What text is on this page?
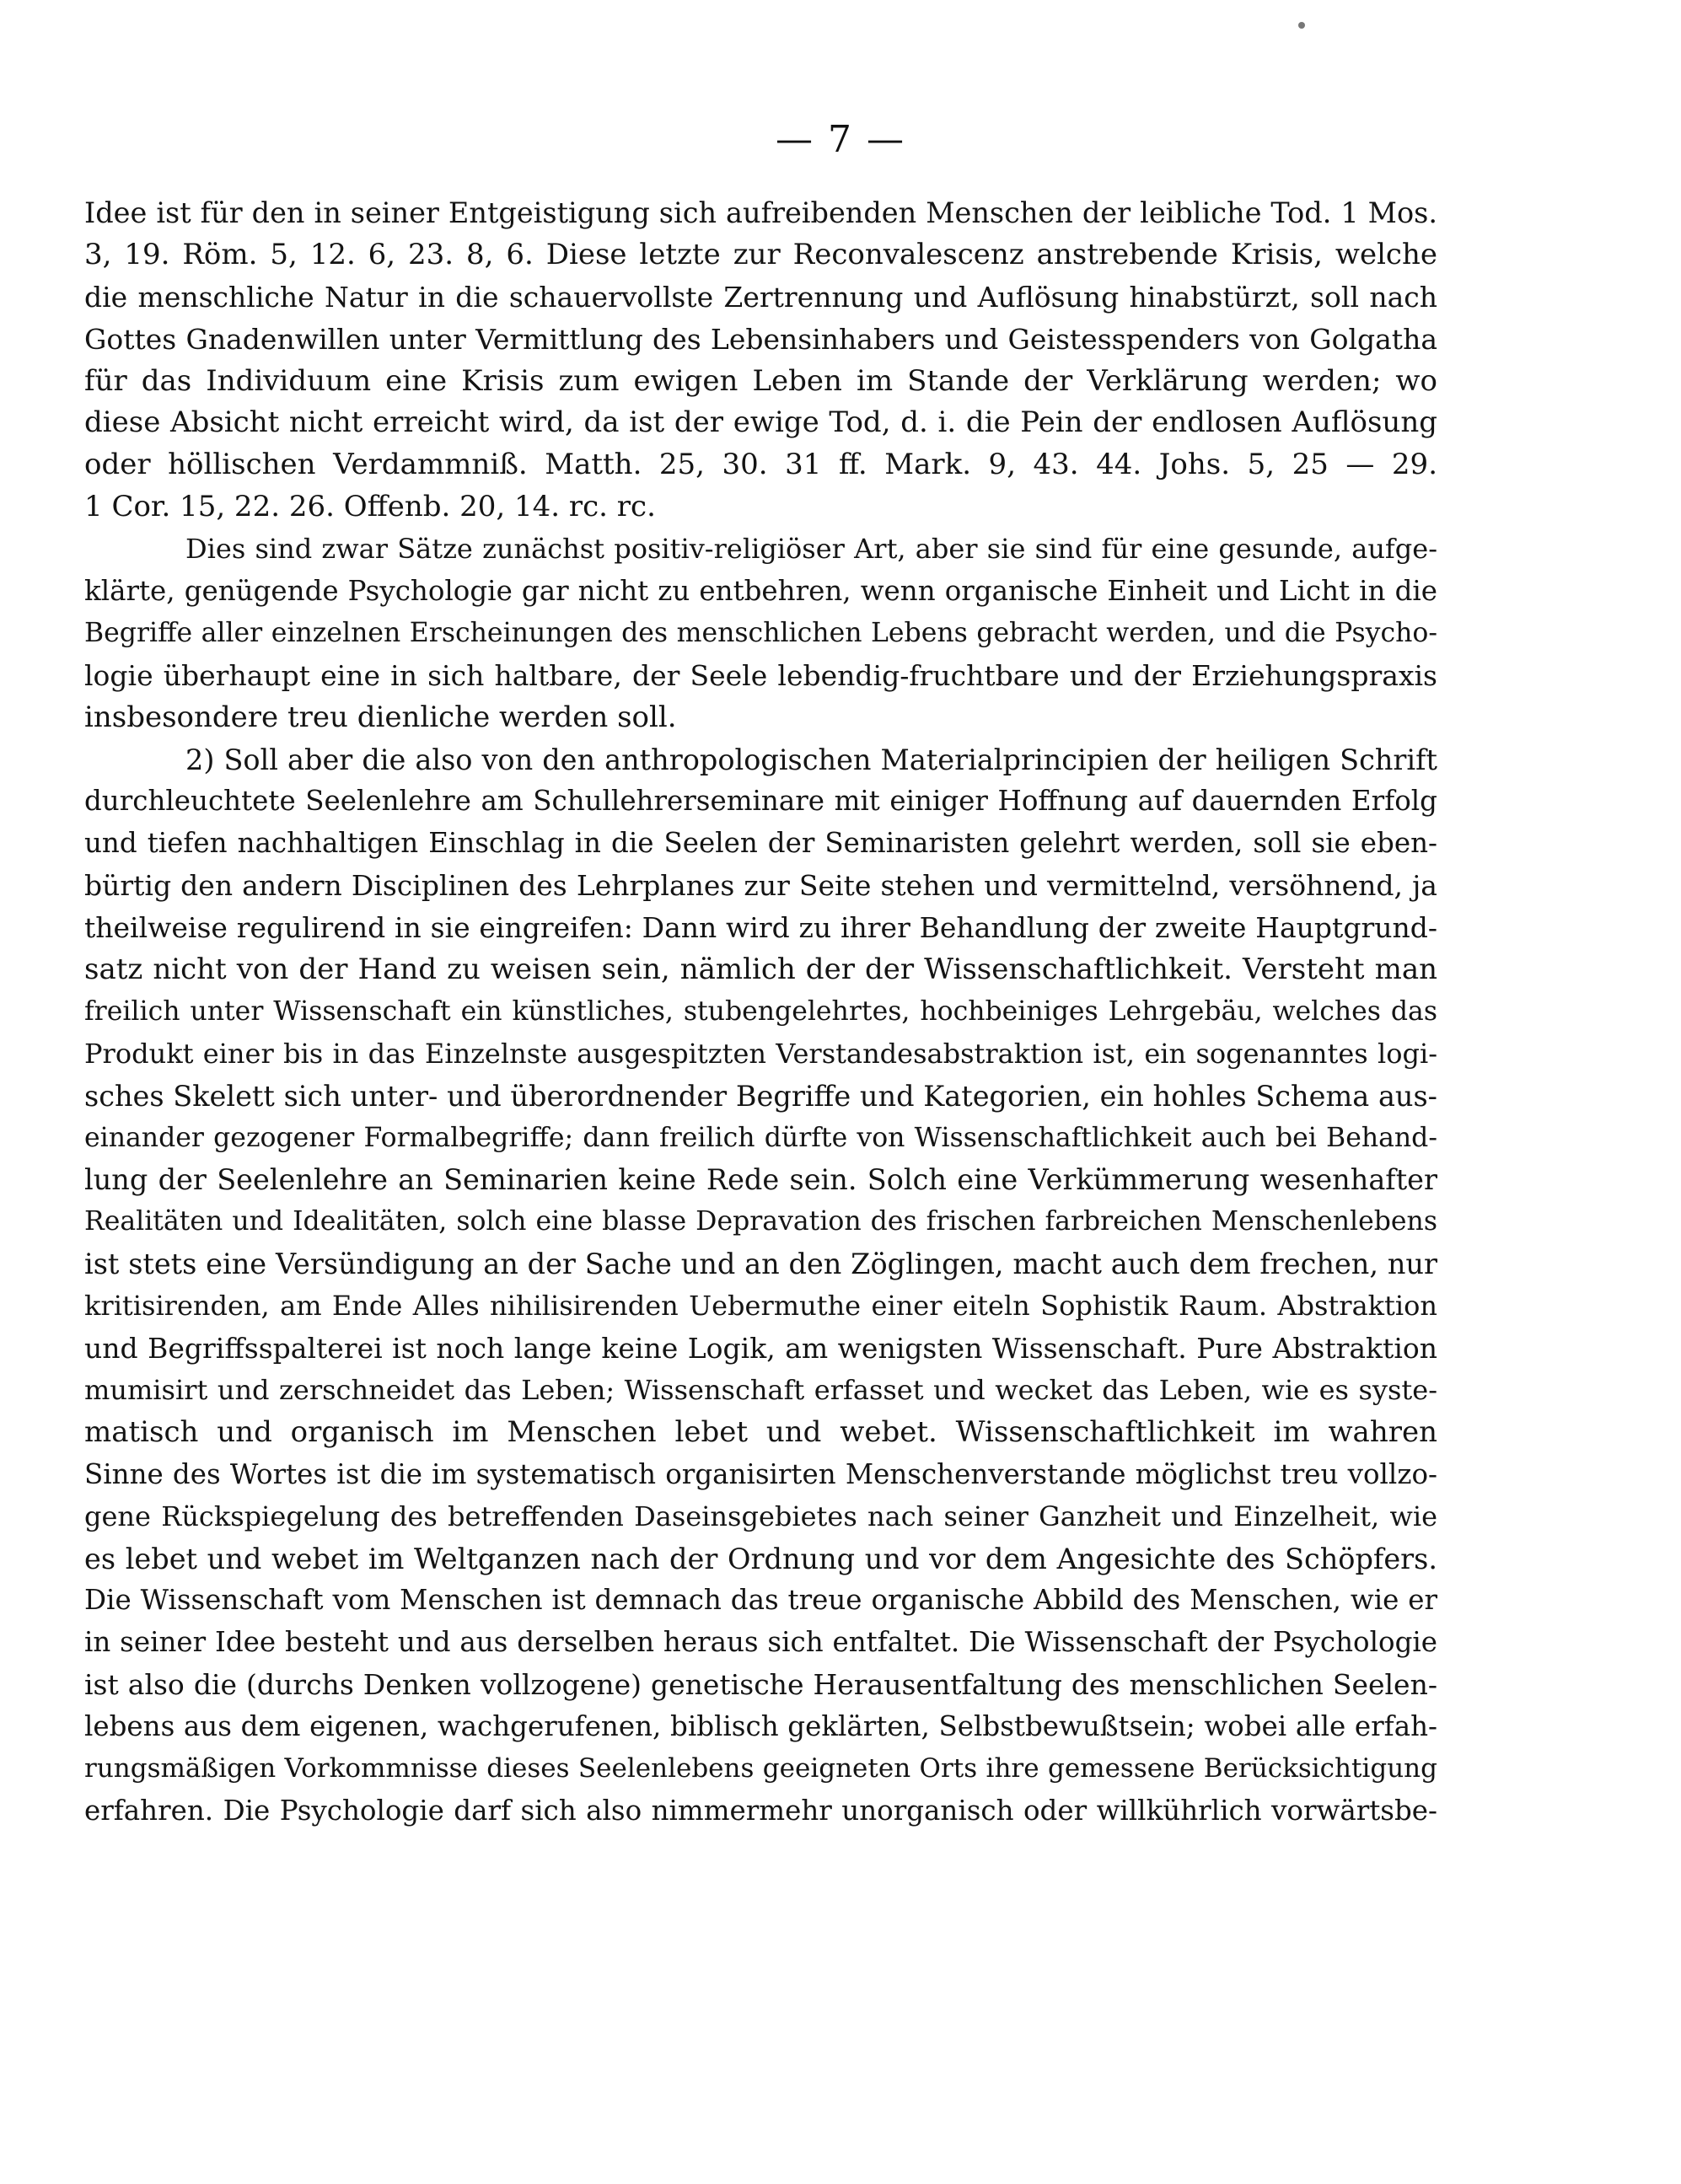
— 7 —
Idee ist für den in seiner Entgeistigung sich aufreibenden Menschen der leibliche Tod. 1 Mos.
3, 19. Röm. 5, 12. 6, 23. 8, 6. Diese letzte zur Reconvalescenz anstrebende Krisis, welche
die menschliche Natur in die schauervollste Zertrennung und Auflösung hinabstürzt, soll nach
Gottes Gnadenwillen unter Vermittlung des Lebensinhabers und Geistesspenders von Golgatha
für das Individuum eine Krisis zum ewigen Leben im Stande der Verklärung werden; wo
diese Absicht nicht erreicht wird, da ist der ewige Tod, d. i. die Pein der endlosen Auflösung
oder höllischen Verdammniß. Matth. 25, 30. 31 ff. Mark. 9, 43. 44. Johs. 5, 25 — 29.
1 Cor. 15, 22. 26. Offenb. 20, 14. rc. rc.
Dies sind zwar Sätze zunächst positiv-religiöser Art, aber sie sind für eine gesunde, aufge-
klärte, genügende Psychologie gar nicht zu entbehren, wenn organische Einheit und Licht in die
Begriffe aller einzelnen Erscheinungen des menschlichen Lebens gebracht werden, und die Psycho-
logie überhaupt eine in sich haltbare, der Seele lebendig-fruchtbare und der Erziehungspraxis
insbesondere treu dienliche werden soll.
2) Soll aber die also von den anthropologischen Materialprincipien der heiligen Schrift
durchleuchtete Seelenlehre am Schullehrerseminare mit einiger Hoffnung auf dauernden Erfolg
und tiefen nachhaltigen Einschlag in die Seelen der Seminaristen gelehrt werden, soll sie eben-
bürtig den andern Disciplinen des Lehrplanes zur Seite stehen und vermittelnd, versöhnend, ja
theilweise regulirend in sie eingreifen: Dann wird zu ihrer Behandlung der zweite Hauptgrund-
satz nicht von der Hand zu weisen sein, nämlich der der Wissenschaftlichkeit. Versteht man
freilich unter Wissenschaft ein künstliches, stubengelehrtes, hochbeiniges Lehrgebäu, welches das
Produkt einer bis in das Einzelnste ausgespitzten Verstandesabstraktion ist, ein sogenanntes logi-
sches Skelett sich unter- und überordnender Begriffe und Kategorien, ein hohles Schema aus-
einander gezogener Formalbegriffe; dann freilich dürfte von Wissenschaftlichkeit auch bei Behand-
lung der Seelenlehre an Seminarien keine Rede sein. Solch eine Verkümmerung wesenhafter
Realitäten und Idealitäten, solch eine blasse Depravation des frischen farbreichen Menschenlebens
ist stets eine Versündigung an der Sache und an den Zöglingen, macht auch dem frechen, nur
kritisirenden, am Ende Alles nihilisirenden Uebermuthe einer eiteln Sophistik Raum. Abstraktion
und Begriffsspalterei ist noch lange keine Logik, am wenigsten Wissenschaft. Pure Abstraktion
mumisirt und zerschneidet das Leben; Wissenschaft erfasset und wecket das Leben, wie es syste-
matisch und organisch im Menschen lebet und webet. Wissenschaftlichkeit im wahren
Sinne des Wortes ist die im systematisch organisirten Menschenverstande möglichst treu vollzo-
gene Rückspiegelung des betreffenden Daseinsgebietes nach seiner Ganzheit und Einzelheit, wie
es lebet und webet im Weltganzen nach der Ordnung und vor dem Angesichte des Schöpfers.
Die Wissenschaft vom Menschen ist demnach das treue organische Abbild des Menschen, wie er
in seiner Idee besteht und aus derselben heraus sich entfaltet. Die Wissenschaft der Psychologie
ist also die (durchs Denken vollzogene) genetische Herausentfaltung des menschlichen Seelen-
lebens aus dem eigenen, wachgerufenen, biblisch geklärten, Selbstbewußtsein; wobei alle erfah-
rungsmäßigen Vorkommnisse dieses Seelenlebens geeigneten Orts ihre gemessene Berücksichtigung
erfahren. Die Psychologie darf sich also nimmermehr unorganisch oder willkührlich vorwärtsbe-
